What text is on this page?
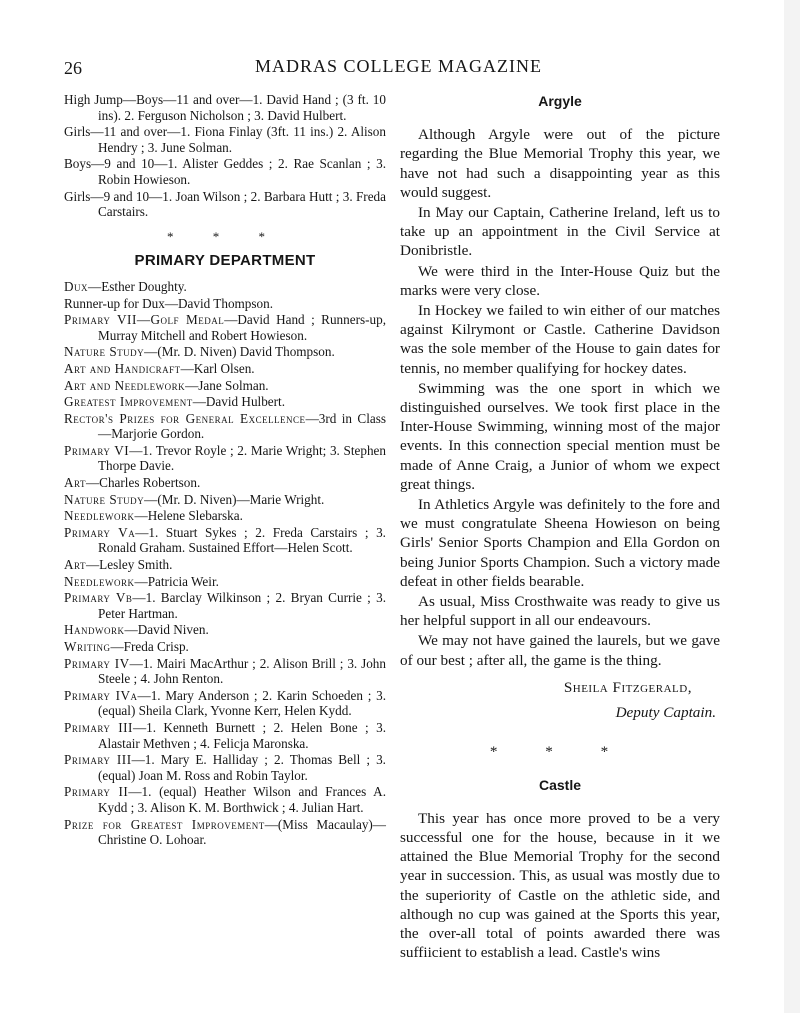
26	MADRAS COLLEGE MAGAZINE
High Jump—Boys—11 and over—1. David Hand ; (3 ft. 10 ins). 2. Ferguson Nicholson ; 3. David Hulbert.
Girls—11 and over—1. Fiona Finlay (3ft. 11 ins.) 2. Alison Hendry ; 3. June Solman.
Boys—9 and 10—1. Alister Geddes ; 2. Rae Scanlan ; 3. Robin Howieson.
Girls—9 and 10—1. Joan Wilson ; 2. Barbara Hutt ; 3. Freda Carstairs.
* * *
PRIMARY DEPARTMENT
Dux—Esther Doughty.
Runner-up for Dux—David Thompson.
Primary VII—Golf Medal—David Hand ; Runners-up, Murray Mitchell and Robert Howieson.
Nature Study—(Mr. D. Niven) David Thompson.
Art and Handicraft—Karl Olsen.
Art and Needlework—Jane Solman.
Greatest Improvement—David Hulbert.
Rector's Prizes for General Excellence—3rd in Class—Marjorie Gordon.
Primary VI—1. Trevor Royle ; 2. Marie Wright; 3. Stephen Thorpe Davie.
Art—Charles Robertson.
Nature Study—(Mr. D. Niven)—Marie Wright.
Needlework—Helene Slebarska.
Primary Va—1. Stuart Sykes ; 2. Freda Carstairs ; 3. Ronald Graham. Sustained Effort—Helen Scott.
Art—Lesley Smith.
Needlework—Patricia Weir.
Primary Vb—1. Barclay Wilkinson ; 2. Bryan Currie ; 3. Peter Hartman.
Handwork—David Niven.
Writing—Freda Crisp.
Primary IV—1. Mairi MacArthur ; 2. Alison Brill ; 3. John Steele ; 4. John Renton.
Primary IVa—1. Mary Anderson ; 2. Karin Schoeden ; 3. (equal) Sheila Clark, Yvonne Kerr, Helen Kydd.
Primary III—1. Kenneth Burnett ; 2. Helen Bone ; 3. Alastair Methven ; 4. Felicja Maronska.
Primary III—1. Mary E. Halliday ; 2. Thomas Bell ; 3. (equal) Joan M. Ross and Robin Taylor.
Primary II—1. (equal) Heather Wilson and Frances A. Kydd ; 3. Alison K. M. Borthwick ; 4. Julian Hart.
Prize for Greatest Improvement—(Miss Macaulay)—Christine O. Lohoar.
Argyle

Although Argyle were out of the picture regarding the Blue Memorial Trophy this year, we have not had such a disappointing year as this would suggest.

In May our Captain, Catherine Ireland, left us to take up an appointment in the Civil Service at Donibristle.

We were third in the Inter-House Quiz but the marks were very close.

In Hockey we failed to win either of our matches against Kilrymont or Castle. Catherine Davidson was the sole member of the House to gain dates for tennis, no member qualifying for hockey dates.

Swimming was the one sport in which we distinguished ourselves. We took first place in the Inter-House Swimming, winning most of the major events. In this connection special mention must be made of Anne Craig, a Junior of whom we expect great things.

In Athletics Argyle was definitely to the fore and we must congratulate Sheena Howieson on being Girls' Senior Sports Champion and Ella Gordon on being Junior Sports Champion. Such a victory made defeat in other fields bearable.

As usual, Miss Crosthwaite was ready to give us her helpful support in all our endeavours.

We may not have gained the laurels, but we gave of our best ; after all, the game is the thing.

Sheila Fitzgerald,
Deputy Captain.
* * *
Castle

This year has once more proved to be a very successful one for the house, because in it we attained the Blue Memorial Trophy for the second year in succession. This, as usual was mostly due to the superiority of Castle on the athletic side, and although no cup was gained at the Sports this year, the over-all total of points awarded there was suffiicient to establish a lead. Castle's wins
